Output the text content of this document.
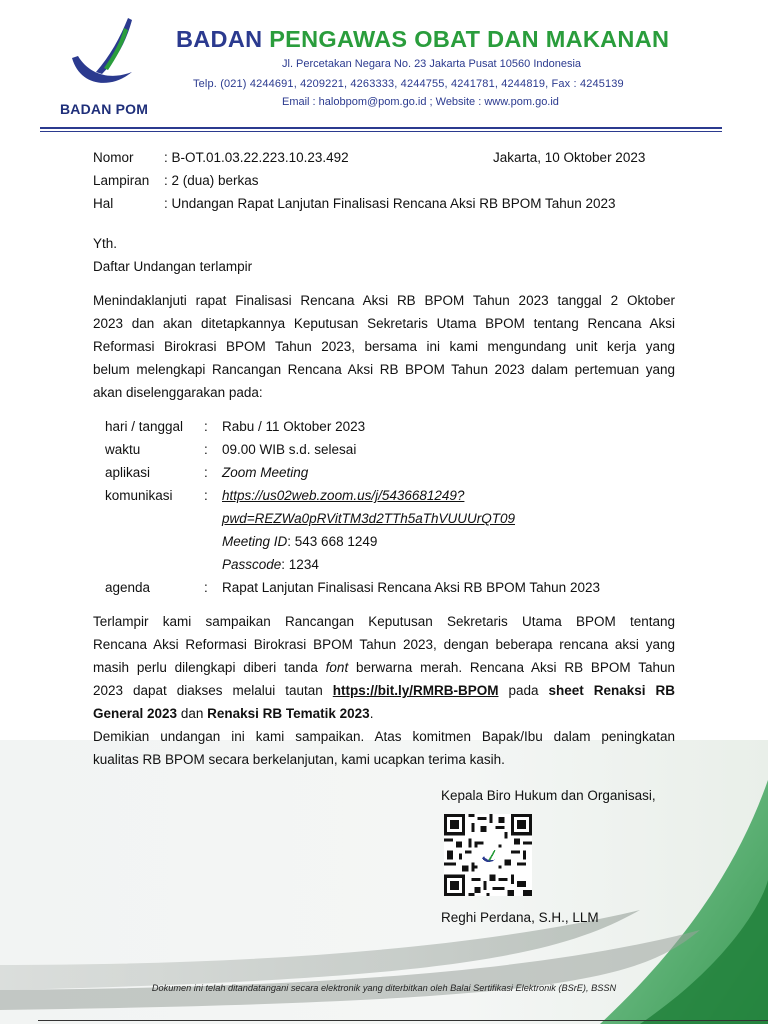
BADAN POM
BADAN PENGAWAS OBAT DAN MAKANAN
Jl. Percetakan Negara No. 23 Jakarta Pusat 10560 Indonesia
Telp. (021) 4244691, 4209221, 4263333, 4244755, 4241781, 4244819, Fax : 4245139
Email : halobpom@pom.go.id ; Website : www.pom.go.id
Nomor : B-OT.01.03.22.223.10.23.492	Jakarta, 10 Oktober 2023
Lampiran : 2 (dua) berkas
Hal	: Undangan Rapat Lanjutan Finalisasi Rencana Aksi RB BPOM Tahun 2023
Yth.
Daftar Undangan terlampir
Menindaklanjuti rapat Finalisasi Rencana Aksi RB BPOM Tahun 2023 tanggal 2 Oktober
2023 dan akan ditetapkannya Keputusan Sekretaris Utama BPOM tentang Rencana Aksi
Reformasi Birokrasi BPOM Tahun 2023, bersama ini kami mengundang unit kerja yang
belum melengkapi Rancangan Rencana Aksi RB BPOM Tahun 2023 dalam pertemuan yang
akan diselenggarakan pada:
hari / tanggal : Rabu / 11 Oktober 2023
waktu	: 09.00 WIB s.d. selesai
aplikasi	: Zoom Meeting
komunikasi : https://us02web.zoom.us/j/5436681249?
pwd=REZWa0pRVitTM3d2TTh5aThVUUUrQT09
Meeting ID: 543 668 1249
Passcode: 1234
agenda	: Rapat Lanjutan Finalisasi Rencana Aksi RB BPOM Tahun 2023
Terlampir kami sampaikan Rancangan Keputusan Sekretaris Utama BPOM tentang
Rencana Aksi Reformasi Birokrasi BPOM Tahun 2023, dengan beberapa rencana aksi yang
masih perlu dilengkapi diberi tanda font berwarna merah. Rencana Aksi RB BPOM Tahun
2023 dapat diakses melalui tautan https://bit.ly/RMRB-BPOM pada sheet Renaksi RB
General 2023 dan Renaksi RB Tematik 2023.
Demikian undangan ini kami sampaikan. Atas komitmen Bapak/Ibu dalam peningkatan
kualitas RB BPOM secara berkelanjutan, kami ucapkan terima kasih.
Kepala Biro Hukum dan Organisasi,
Reghi Perdana, S.H., LLM
Dokumen ini telah ditandatangani secara elektronik yang diterbitkan oleh Balai Sertifikasi Elektronik (BSrE), BSSN
